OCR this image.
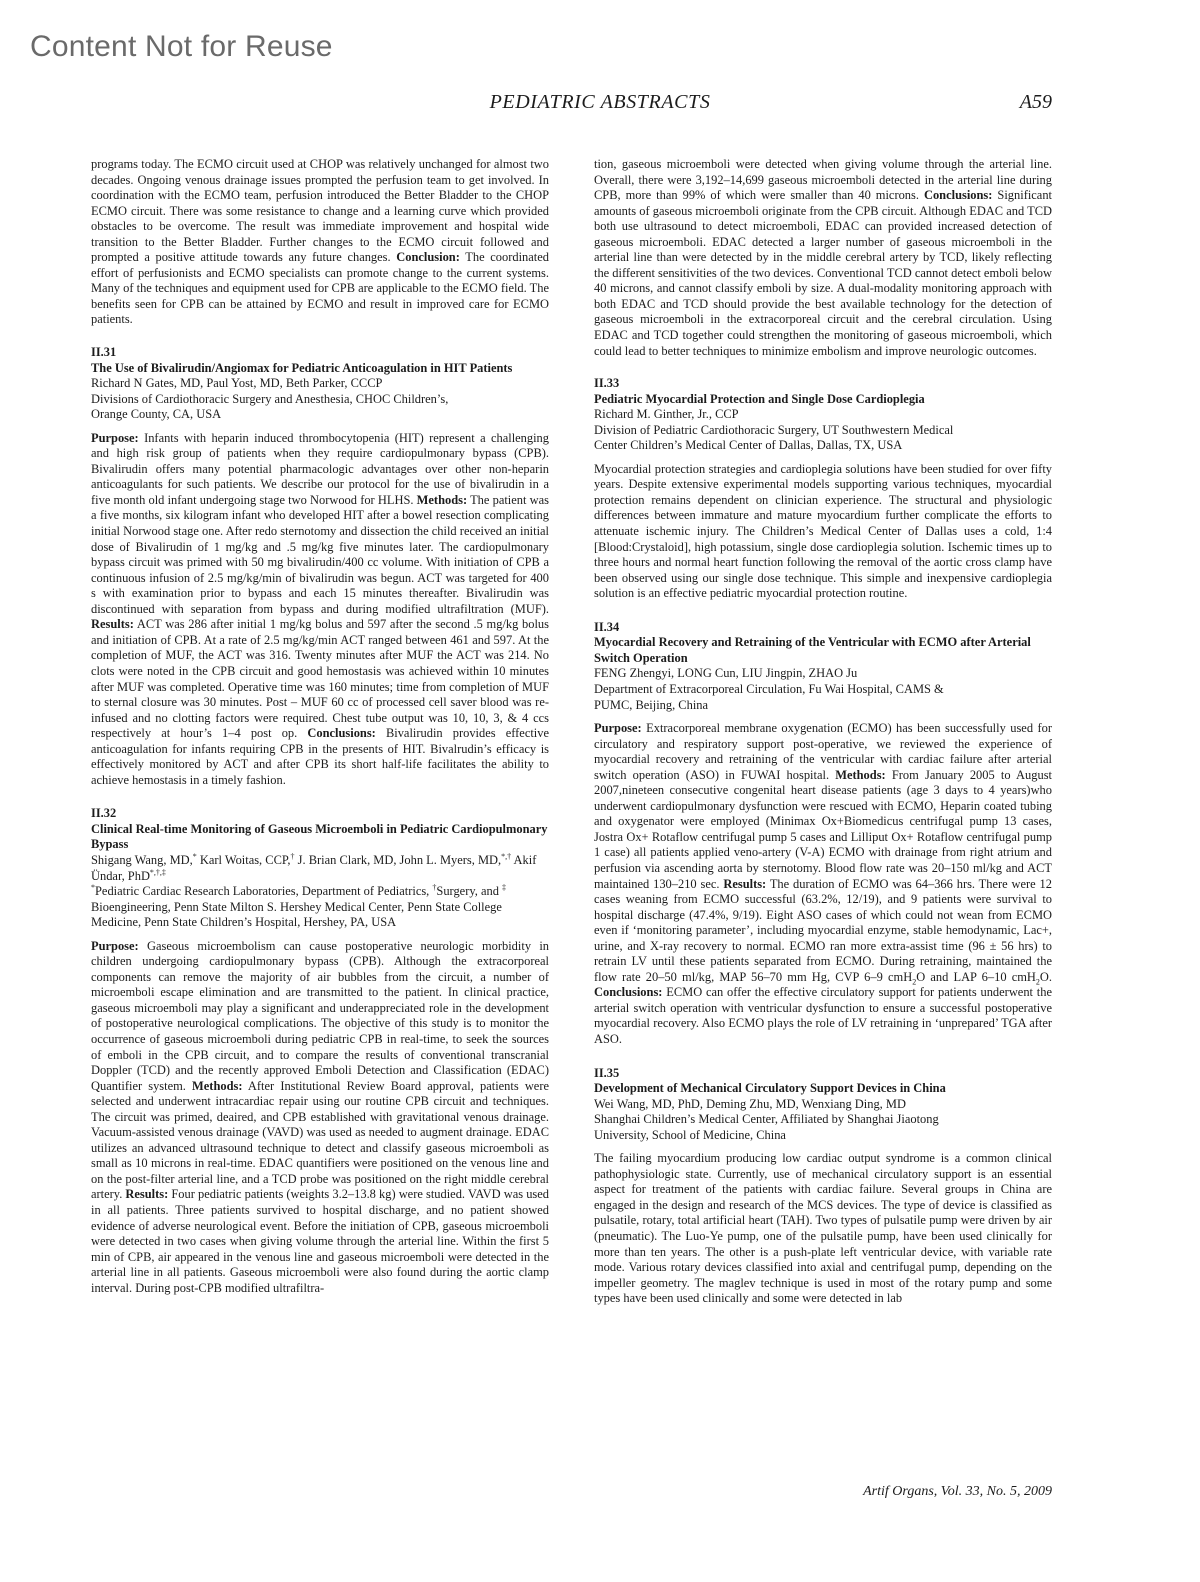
Content Not for Reuse
PEDIATRIC ABSTRACTS	A59

programs today. The ECMO circuit used at CHOP was relatively unchanged for almost two decades. Ongoing venous drainage issues prompted the perfusion team to get involved. In coordination with the ECMO team, perfusion introduced the Better Bladder to the CHOP ECMO circuit. There was some resistance to change and a learning curve which provided obstacles to be overcome. The result was immediate improvement and hospital wide transition to the Better Bladder. Further changes to the ECMO circuit followed and prompted a positive attitude towards any future changes. Conclusion: The coordinated effort of perfusionists and ECMO specialists can promote change to the current systems. Many of the techniques and equipment used for CPB are applicable to the ECMO field. The benefits seen for CPB can be attained by ECMO and result in improved care for ECMO patients.

II.31

The Use of Bivalirudin/Angiomax for Pediatric Anticoagulation in HIT Patients

Richard N Gates, MD, Paul Yost, MD, Beth Parker, CCCP

Divisions of Cardiothoracic Surgery and Anesthesia, CHOC Children’s,
Orange County, CA, USA

Purpose: Infants with heparin induced thrombocytopenia (HIT) represent a challenging and high risk group of patients when they require cardiopulmonary bypass (CPB). Bivalirudin offers many potential pharmacologic advantages over other non-heparin anticoagulants for such patients. We describe our protocol for the use of bivalirudin in a five month old infant undergoing stage two Norwood for HLHS. Methods: The patient was a five months, six kilogram infant who developed HIT after a bowel resection complicating initial Norwood stage one. After redo sternotomy and dissection the child received an initial dose of Bivalirudin of 1 mg/kg and .5 mg/kg five minutes later. The cardiopulmonary bypass circuit was primed with 50 mg bivalirudin/400 cc volume. With initiation of CPB a continuous infusion of 2.5 mg/kg/min of bivalirudin was begun. ACT was targeted for 400 s with examination prior to bypass and each 15 minutes thereafter. Bivalirudin was discontinued with separation from bypass and during modified ultrafiltration (MUF). Results: ACT was 286 after initial 1 mg/kg bolus and 597 after the second .5 mg/kg bolus and initiation of CPB. At a rate of 2.5 mg/kg/min ACT ranged between 461 and 597. At the completion of MUF, the ACT was 316. Twenty minutes after MUF the ACT was 214. No clots were noted in the CPB circuit and good hemostasis was achieved within 10 minutes after MUF was completed. Operative time was 160 minutes; time from completion of MUF to sternal closure was 30 minutes. Post – MUF 60 cc of processed cell saver blood was re-infused and no clotting factors were required. Chest tube output was 10, 10, 3, & 4 ccs respectively at hour’s 1–4 post op. Conclusions: Bivalirudin provides effective anticoagulation for infants requiring CPB in the presents of HIT. Bivalrudin’s efficacy is effectively monitored by ACT and after CPB its short half-life facilitates the ability to achieve hemostasis in a timely fashion.

II.32

Clinical Real-time Monitoring of Gaseous Microemboli in Pediatric Cardiopulmonary Bypass

Shigang Wang, MD,* Karl Woitas, CCP,† J. Brian Clark, MD, John L. Myers, MD,*,† Akif Ündar, PhD*,†,‡

*Pediatric Cardiac Research Laboratories, Department of Pediatrics, †Surgery, and ‡ Bioengineering, Penn State Milton S. Hershey Medical Center, Penn State College Medicine, Penn State Children’s Hospital, Hershey, PA, USA

Purpose: Gaseous microembolism can cause postoperative neurologic morbidity in children undergoing cardiopulmonary bypass (CPB). Although the extracorporeal components can remove the majority of air bubbles from the circuit, a number of microemboli escape elimination and are transmitted to the patient. In clinical practice, gaseous microemboli may play a significant and underappreciated role in the development of postoperative neurological complications. The objective of this study is to monitor the occurrence of gaseous microemboli during pediatric CPB in real-time, to seek the sources of emboli in the CPB circuit, and to compare the results of conventional transcranial Doppler (TCD) and the recently approved Emboli Detection and Classification (EDAC) Quantifier system. Methods: After Institutional Review Board approval, patients were selected and underwent intracardiac repair using our routine CPB circuit and techniques. The circuit was primed, deaired, and CPB established with gravitational venous drainage. Vacuum-assisted venous drainage (VAVD) was used as needed to augment drainage. EDAC utilizes an advanced ultrasound technique to detect and classify gaseous microemboli as small as 10 microns in real-time. EDAC quantifiers were positioned on the venous line and on the post-filter arterial line, and a TCD probe was positioned on the right middle cerebral artery. Results: Four pediatric patients (weights 3.2–13.8 kg) were studied. VAVD was used in all patients. Three patients survived to hospital discharge, and no patient showed evidence of adverse neurological event. Before the initiation of CPB, gaseous microemboli were detected in two cases when giving volume through the arterial line. Within the first 5 min of CPB, air appeared in the venous line and gaseous microemboli were detected in the arterial line in all patients. Gaseous microemboli were also found during the aortic clamp interval. During post-CPB modified ultrafiltra-

tion, gaseous microemboli were detected when giving volume through the arterial line. Overall, there were 3,192–14,699 gaseous microemboli detected in the arterial line during CPB, more than 99% of which were smaller than 40 microns. Conclusions: Significant amounts of gaseous microemboli originate from the CPB circuit. Although EDAC and TCD both use ultrasound to detect microemboli, EDAC can provided increased detection of gaseous microemboli. EDAC detected a larger number of gaseous microemboli in the arterial line than were detected by in the middle cerebral artery by TCD, likely reflecting the different sensitivities of the two devices. Conventional TCD cannot detect emboli below 40 microns, and cannot classify emboli by size. A dual-modality monitoring approach with both EDAC and TCD should provide the best available technology for the detection of gaseous microemboli in the extracorporeal circuit and the cerebral circulation. Using EDAC and TCD together could strengthen the monitoring of gaseous microemboli, which could lead to better techniques to minimize embolism and improve neurologic outcomes.

II.33

Pediatric Myocardial Protection and Single Dose Cardioplegia

Richard M. Ginther, Jr., CCP

Division of Pediatric Cardiothoracic Surgery, UT Southwestern Medical
Center Children’s Medical Center of Dallas, Dallas, TX, USA

Myocardial protection strategies and cardioplegia solutions have been studied for over fifty years. Despite extensive experimental models supporting various techniques, myocardial protection remains dependent on clinician experience. The structural and physiologic differences between immature and mature myocardium further complicate the efforts to attenuate ischemic injury. The Children’s Medical Center of Dallas uses a cold, 1:4 [Blood:Crystaloid], high potassium, single dose cardioplegia solution. Ischemic times up to three hours and normal heart function following the removal of the aortic cross clamp have been observed using our single dose technique. This simple and inexpensive cardioplegia solution is an effective pediatric myocardial protection routine.

II.34

Myocardial Recovery and Retraining of the Ventricular with ECMO after Arterial Switch Operation

FENG Zhengyi, LONG Cun, LIU Jingpin, ZHAO Ju

Department of Extracorporeal Circulation, Fu Wai Hospital, CAMS &
PUMC, Beijing, China

Purpose: Extracorporeal membrane oxygenation (ECMO) has been successfully used for circulatory and respiratory support post-operative, we reviewed the experience of myocardial recovery and retraining of the ventricular with cardiac failure after arterial switch operation (ASO) in FUWAI hospital. Methods: From January 2005 to August 2007,nineteen consecutive congenital heart disease patients (age 3 days to 4 years)who underwent cardiopulmonary dysfunction were rescued with ECMO, Heparin coated tubing and oxygenator were employed (Minimax Ox+Biomedicus centrifugal pump 13 cases, Jostra Ox+ Rotaflow centrifugal pump 5 cases and Lilliput Ox+ Rotaflow centrifugal pump 1 case) all patients applied veno-artery (V-A) ECMO with drainage from right atrium and perfusion via ascending aorta by sternotomy. Blood flow rate was 20–150 ml/kg and ACT maintained 130–210 sec. Results: The duration of ECMO was 64–366 hrs. There were 12 cases weaning from ECMO successful (63.2%, 12/19), and 9 patients were survival to hospital discharge (47.4%, 9/19). Eight ASO cases of which could not wean from ECMO even if ‘monitoring parameter’, including myocardial enzyme, stable hemodynamic, Lac+, urine, and X-ray recovery to normal. ECMO ran more extra-assist time (96 ± 56 hrs) to retrain LV until these patients separated from ECMO. During retraining, maintained the flow rate 20–50 ml/kg, MAP 56–70 mm Hg, CVP 6–9 cmH$_2$O and LAP 6–10 cmH$_2$O. Conclusions: ECMO can offer the effective circulatory support for patients underwent the arterial switch operation with ventricular dysfunction to ensure a successful postoperative myocardial recovery. Also ECMO plays the role of LV retraining in ‘unprepared’ TGA after ASO.

II.35

Development of Mechanical Circulatory Support Devices in China

Wei Wang, MD, PhD, Deming Zhu, MD, Wenxiang Ding, MD

Shanghai Children’s Medical Center, Affiliated by Shanghai Jiaotong
University, School of Medicine, China

The failing myocardium producing low cardiac output syndrome is a common clinical pathophysiologic state. Currently, use of mechanical circulatory support is an essential aspect for treatment of the patients with cardiac failure. Several groups in China are engaged in the design and research of the MCS devices. The type of device is classified as pulsatile, rotary, total artificial heart (TAH). Two types of pulsatile pump were driven by air (pneumatic). The Luo-Ye pump, one of the pulsatile pump, have been used clinically for more than ten years. The other is a push-plate left ventricular device, with variable rate mode. Various rotary devices classified into axial and centrifugal pump, depending on the impeller geometry. The maglev technique is used in most of the rotary pump and some types have been used clinically and some were detected in lab

Artif Organs, Vol. 33, No. 5, 2009
